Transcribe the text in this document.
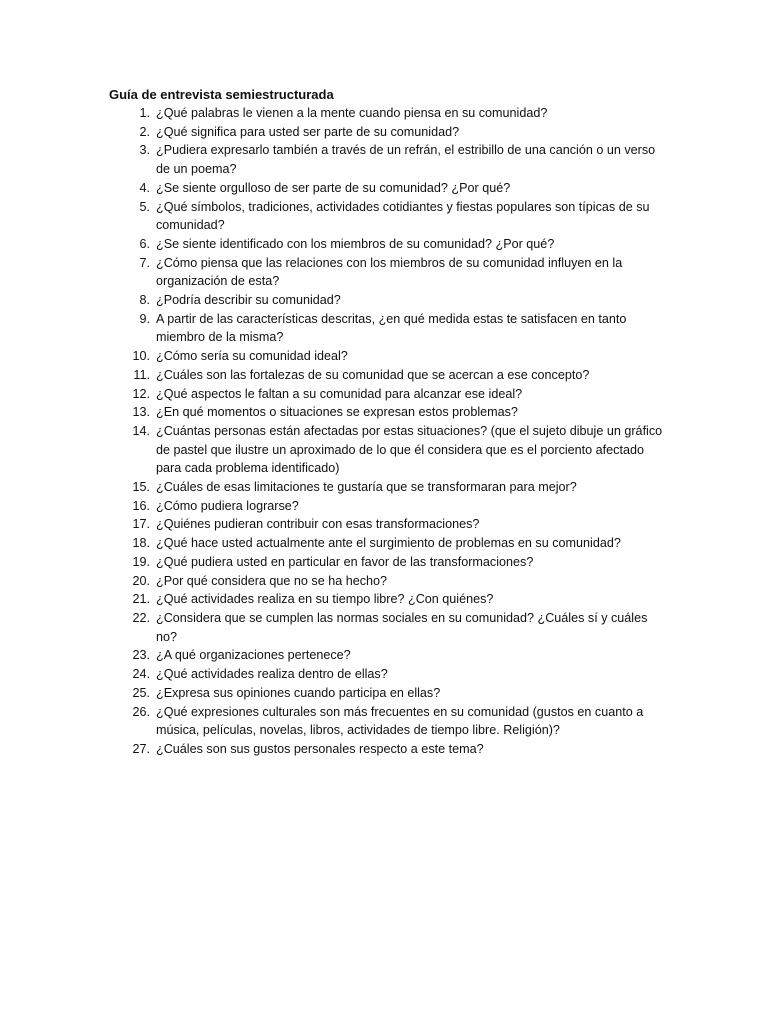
Guía de entrevista semiestructurada
1. ¿Qué palabras le vienen a la mente cuando piensa en su comunidad?
2. ¿Qué significa para usted ser parte de su comunidad?
3. ¿Pudiera expresarlo también a través de un refrán, el estribillo de una canción o un verso de un poema?
4. ¿Se siente orgulloso de ser parte de su comunidad? ¿Por qué?
5. ¿Qué símbolos, tradiciones, actividades cotidiantes y fiestas populares son típicas de su comunidad?
6. ¿Se siente identificado con los miembros de su comunidad? ¿Por qué?
7. ¿Cómo piensa que las relaciones con los miembros de su comunidad influyen en la organización de esta?
8. ¿Podría describir su comunidad?
9. A partir de las características descritas, ¿en qué medida estas te satisfacen en tanto miembro de la misma?
10. ¿Cómo sería su comunidad ideal?
11. ¿Cuáles son las fortalezas de su comunidad que se acercan a ese concepto?
12. ¿Qué aspectos le faltan a su comunidad para alcanzar ese ideal?
13. ¿En qué momentos o situaciones se expresan estos problemas?
14. ¿Cuántas personas están afectadas por estas situaciones? (que el sujeto dibuje un gráfico de pastel que ilustre un aproximado de lo que él considera que es el porciento afectado para cada problema identificado)
15. ¿Cuáles de esas limitaciones te gustaría que se transformaran para mejor?
16. ¿Cómo pudiera lograrse?
17. ¿Quiénes pudieran contribuir con esas transformaciones?
18. ¿Qué hace usted actualmente ante el surgimiento de problemas en su comunidad?
19. ¿Qué pudiera usted en particular en favor de las transformaciones?
20. ¿Por qué considera que no se ha hecho?
21. ¿Qué actividades realiza en su tiempo libre? ¿Con quiénes?
22. ¿Considera que se cumplen las normas sociales en su comunidad? ¿Cuáles sí y cuáles no?
23. ¿A qué organizaciones pertenece?
24. ¿Qué actividades realiza dentro de ellas?
25. ¿Expresa sus opiniones cuando participa en ellas?
26. ¿Qué expresiones culturales son más frecuentes en su comunidad (gustos en cuanto a música, películas, novelas, libros, actividades de tiempo libre. Religión)?
27. ¿Cuáles son sus gustos personales respecto a este tema?
